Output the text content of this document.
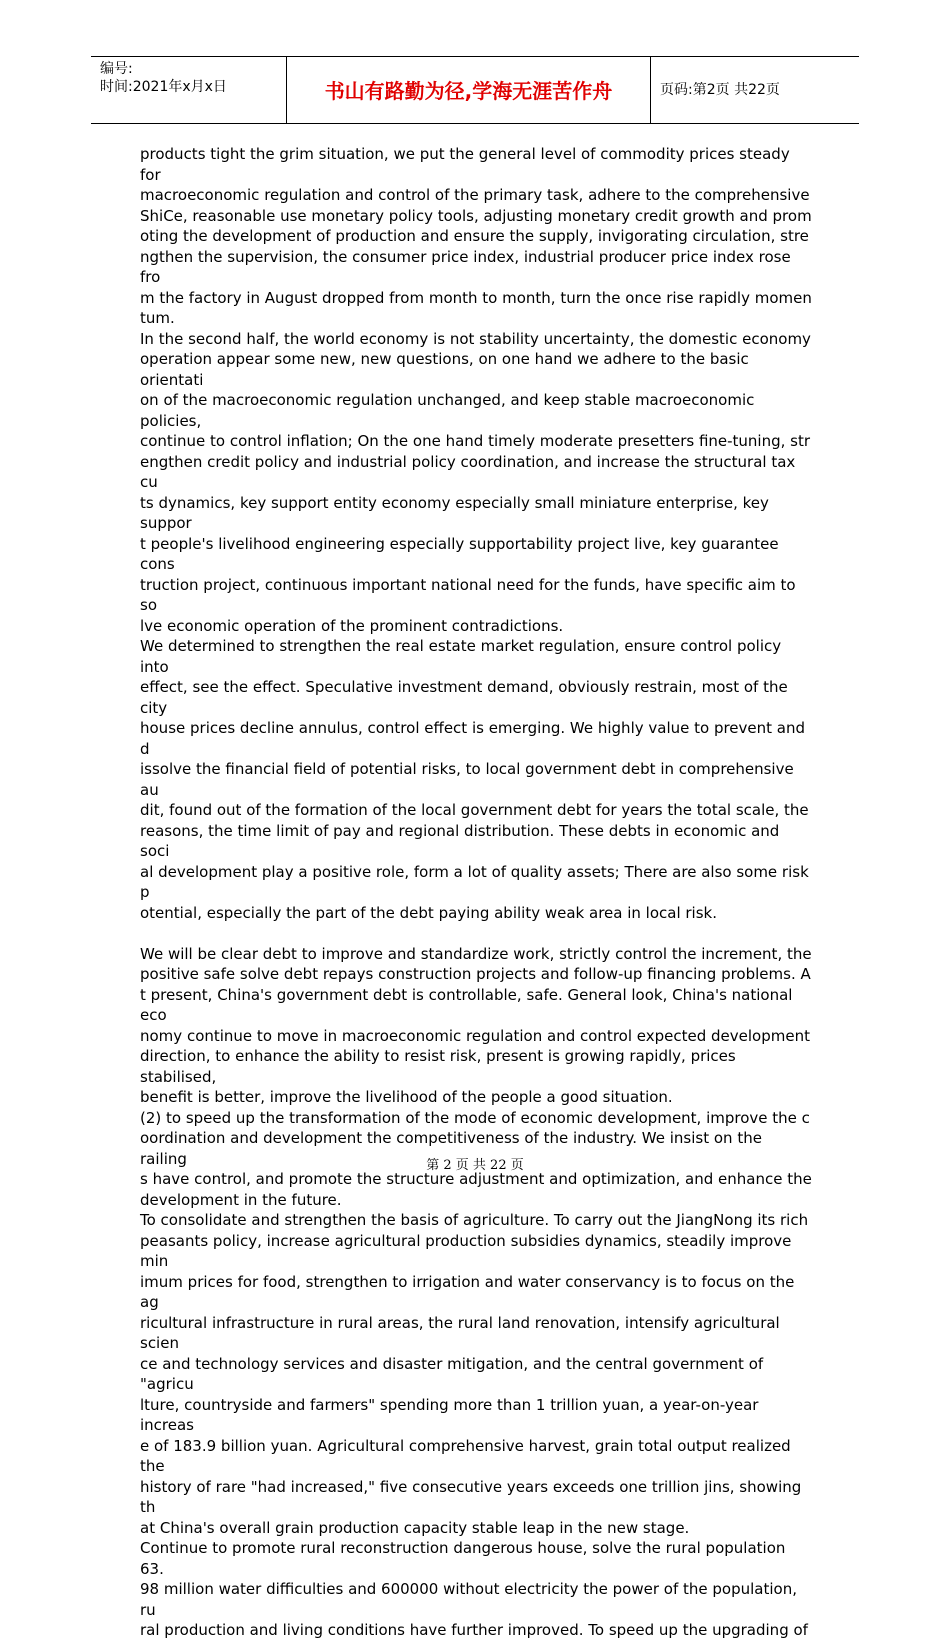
编号:
时间:2021年x月x日	书山有路勤为径,学海无涯苦作舟	页码:第2页 共22页

products tight the grim situation, we put the general level of commodity prices steady for
macroeconomic regulation and control of the primary task, adhere to the comprehensive
ShiCe, reasonable use monetary policy tools, adjusting monetary credit growth and prom
oting the development of production and ensure the supply, invigorating circulation, stre
ngthen the supervision, the consumer price index, industrial producer price index rose fro
m the factory in August dropped from month to month, turn the once rise rapidly momen
tum.

In the second half, the world economy is not stability uncertainty, the domestic economy
operation appear some new, new questions, on one hand we adhere to the basic orientati
on of the macroeconomic regulation unchanged, and keep stable macroeconomic policies,
continue to control inflation; On the one hand timely moderate presetters fine-tuning, str
engthen credit policy and industrial policy coordination, and increase the structural tax cu
ts dynamics, key support entity economy especially small miniature enterprise, key suppor
t people's livelihood engineering especially supportability project live, key guarantee cons
truction project, continuous important national need for the funds, have specific aim to so
lve economic operation of the prominent contradictions.

We determined to strengthen the real estate market regulation, ensure control policy into
effect, see the effect. Speculative investment demand, obviously restrain, most of the city
house prices decline annulus, control effect is emerging. We highly value to prevent and d
issolve the financial field of potential risks, to local government debt in comprehensive au
dit, found out of the formation of the local government debt for years the total scale, the
reasons, the time limit of pay and regional distribution. These debts in economic and soci
al development play a positive role, form a lot of quality assets; There are also some risk p
otential, especially the part of the debt paying ability weak area in local risk.

We will be clear debt to improve and standardize work, strictly control the increment, the
positive safe solve debt repays construction projects and follow-up financing problems. A
t present, China's government debt is controllable, safe. General look, China's national eco
nomy continue to move in macroeconomic regulation and control expected development
direction, to enhance the ability to resist risk, present is growing rapidly, prices stabilised,
benefit is better, improve the livelihood of the people a good situation.

(2) to speed up the transformation of the mode of economic development, improve the c
oordination and development the competitiveness of the industry. We insist on the railing
s have control, and promote the structure adjustment and optimization, and enhance the
development in the future.

To consolidate and strengthen the basis of agriculture. To carry out the JiangNong its rich
peasants policy, increase agricultural production subsidies dynamics, steadily improve min
imum prices for food, strengthen to irrigation and water conservancy is to focus on the ag
ricultural infrastructure in rural areas, the rural land renovation, intensify agricultural scien
ce and technology services and disaster mitigation, and the central government of "agricu
lture, countryside and farmers" spending more than 1 trillion yuan, a year-on-year increas
e of 183.9 billion yuan. Agricultural comprehensive harvest, grain total output realized the
history of rare "had increased," five consecutive years exceeds one trillion jins, showing th
at China's overall grain production capacity stable leap in the new stage.

Continue to promote rural reconstruction dangerous house, solve the rural population 63.
98 million water difficulties and 600000 without electricity the power of the population, ru
ral production and living conditions have further improved. To speed up the upgrading of

第 2 页 共 22 页
